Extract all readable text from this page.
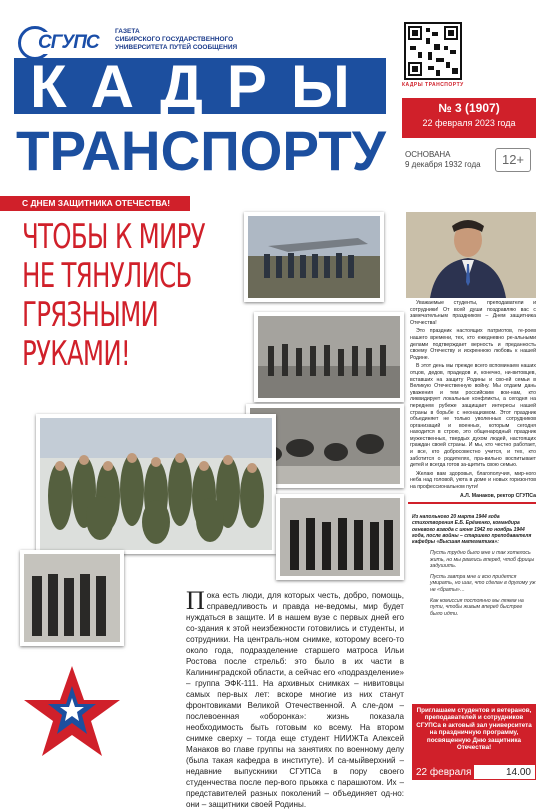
СГУПС
ГАЗЕТА
СИБИРСКОГО ГОСУДАРСТВЕННОГО
УНИВЕРСИТЕТА ПУТЕЙ СООБЩЕНИЯ
КАДРЫ
ТРАНСПОРТУ
КАДРЫ ТРАНСПОРТУ
№ 3 (1907)
22 февраля 2023 года
ОСНОВАНА
9 декабря 1932 года	12+
С ДНЕМ ЗАЩИТНИКА ОТЕЧЕСТВА!
ЧТОБЫ К МИРУ
НЕ ТЯНУЛИСЬ
ГРЯЗНЫМИ
РУКАМИ!

Уважаемые студенты, преподаватели и сотрудники! От всей души поздравляю вас с замечательным праздником – Днем защитника Отечества!

Это праздник настоящих патриотов, ге-роев нашего времени, тех, кто ежедневно ре-альными делами подтверждает верность и преданность своему Отечеству и искреннюю любовь к нашей Родине.

В этот день мы прежде всего вспоминаем наших отцов, дедов, прадедов и, конечно, ни-витовцев, вставших на защиту Родины и сво-ей семьи в Великую Отечественную войну. Мы отдаем дань уважения и тем российским вои-нам, кто ликвидирует локальные конфликты, а сегодня на переднем рубеже защищает интересы нашей страны в борьбе с неонацизмом. Этот праздник объединяет не только уволенных сотрудников организаций и военных, которым сегодня находится в строю, это общенародный праздник мужественных, твердых духом людей, настоящих граждан своей страны. И мы, кто честно работает, и все, кто добросовестно учится, и тех, кто заботится о родителях, пра-вильно воспитывает детей и всегда готов за-щитить свою семью.

Желаю вам здоровья, благополучия, мир-ного неба над головой, уюта в доме и новых горизонтов на профессиональном пути!

А.Л. Манаков, ректор СГУПСа
Из напольного 20 марта 1944 года стихотворения Е.Б. Ерёменко, командира огневого взвода с июня 1942 по ноябрь 1944 года, после войны – старшего преподавателя кафедры «Высшая математика»:

Пусть трудно было мне и так хотелось жить, но мы рвались вперед, чтоб фрицы задушить.

Пусть завтра мне и всю придется умирать, но шаг, что сделан в другому уж не «браты»…

Как комиссия постоянно мы ляжем на пути, чтобы живым вперед быстрее было идти.

Приглашаем студентов и ветеранов, преподавателей и сотрудников СГУПСа в актовый зал университета на праздничную программу, посвященную Дню защитника Отечества!
22 февраля	14.00
Пока есть люди, для которых честь, добро, помощь, справедливость и правда не-ведомы, мир будет нуждаться в защите. И в нашем вузе с первых дней его со-здания к этой неизбежности готовились и студенты, и сотрудники. На централь-ном снимке, которому всего-то около года, подразделение старшего матроса Ильи Ростова после стрельб: это было в их части в Калининградской области, а сейчас его «подразделение» – группа ЭФК-111. На архивных снимках – нивитовцы самых пер-вых лет: вскоре многие из них станут фронтовиками Великой Отечественной. А сле-дом – послевоенная «оборонка»: жизнь показала необходимость быть готовым ко всему. На втором снимке сверху – тогда еще студент НИИЖТа Алексей Манаков во главе группы на занятиях по военному делу (была такая кафедра в институте). И са-мыйверхний – недавние выпускники СГУПСа в пору своего студенчества после пер-вого прыжка с парашютом. Их – представителей разных поколений – объединяет од-но: они – защитники своей Родины.
